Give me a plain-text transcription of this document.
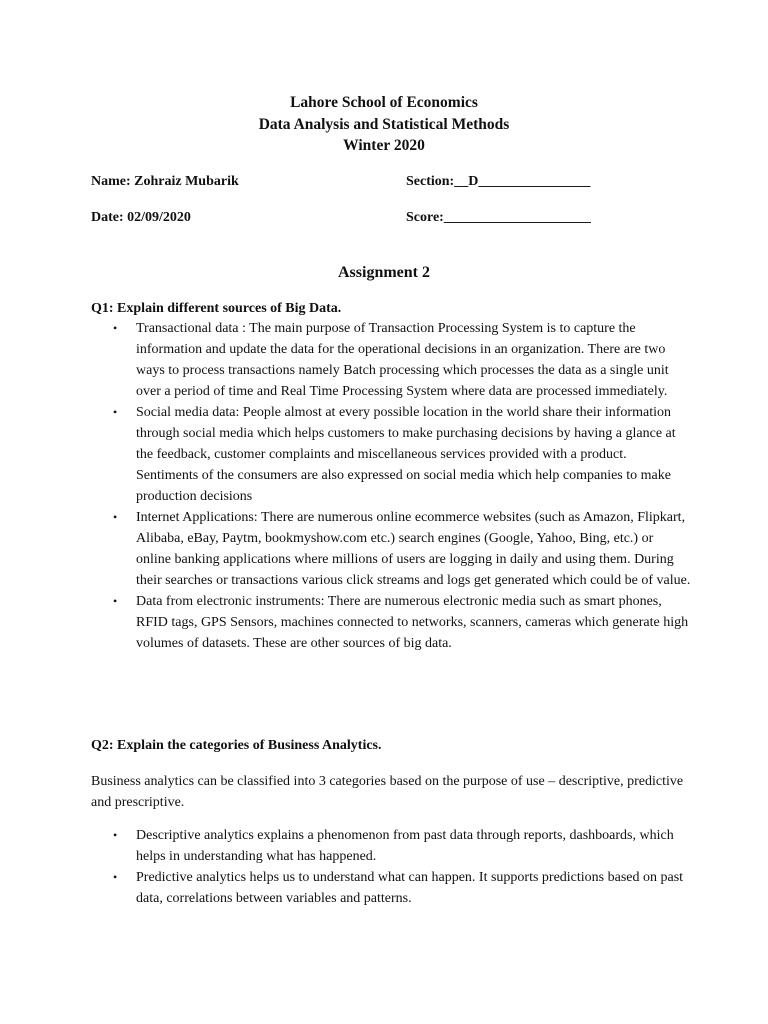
Lahore School of Economics
Data Analysis and Statistical Methods
Winter 2020
Name: Zohraiz Mubarik	Section:__D________________
Date: 02/09/2020	Score:_____________________
Assignment 2
Q1: Explain different sources of Big Data.
• Transactional data : The main purpose of Transaction Processing System is to capture the information and update the data for the operational decisions in an organization. There are two ways to process transactions namely Batch processing which processes the data as a single unit over a period of time and Real Time Processing System where data are processed immediately.
• Social media data: People almost at every possible location in the world share their information through social media which helps customers to make purchasing decisions by having a glance at the feedback, customer complaints and miscellaneous services provided with a product. Sentiments of the consumers are also expressed on social media which help companies to make production decisions
• Internet Applications: There are numerous online ecommerce websites (such as Amazon, Flipkart, Alibaba, eBay, Paytm, bookmyshow.com etc.) search engines (Google, Yahoo, Bing, etc.) or online banking applications where millions of users are logging in daily and using them. During their searches or transactions various click streams and logs get generated which could be of value.
• Data from electronic instruments: There are numerous electronic media such as smart phones, RFID tags, GPS Sensors, machines connected to networks, scanners, cameras which generate high volumes of datasets. These are other sources of big data.
Q2: Explain the categories of Business Analytics.
Business analytics can be classified into 3 categories based on the purpose of use – descriptive, predictive and prescriptive.
• Descriptive analytics explains a phenomenon from past data through reports, dashboards, which helps in understanding what has happened.
• Predictive analytics helps us to understand what can happen. It supports predictions based on past data, correlations between variables and patterns.
